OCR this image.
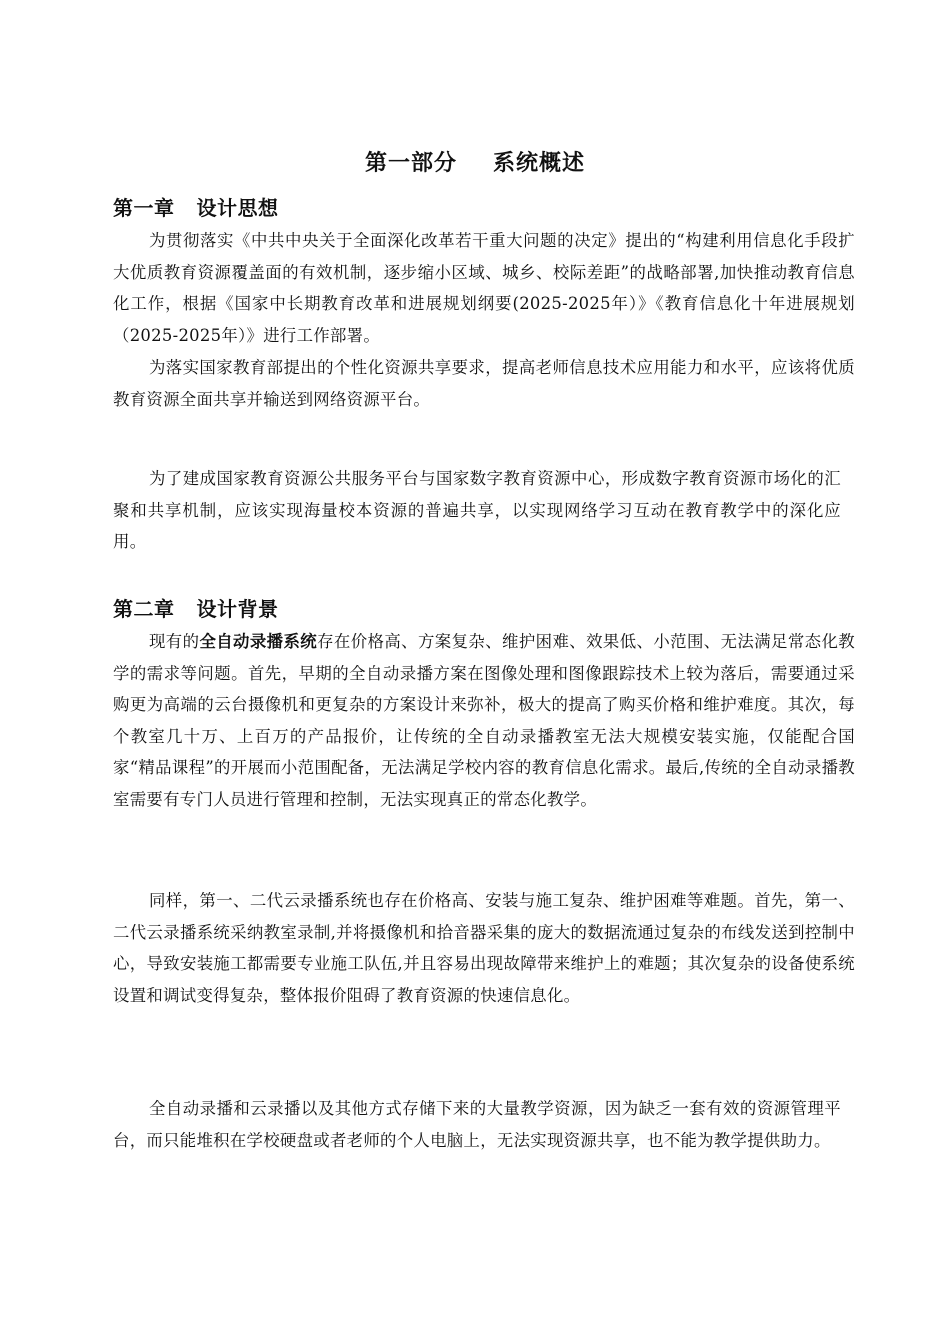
第一部分 系统概述
第一章 设计思想

为贯彻落实《中共中央关于全面深化改革若干重大问题的决定》提出的“构建利用信息化手段扩大优质教育资源覆盖面的有效机制，逐步缩小区域、城乡、校际差距”的战略部署,加快推动教育信息化工作，根据《国家中长期教育改革和进展规划纲要(2025-2025年）》《教育信息化十年进展规划 （2025-2025年）》进行工作部署。

为落实国家教育部提出的个性化资源共享要求，提高老师信息技术应用能力和水平，应该将优质教育资源全面共享并输送到网络资源平台。

为了建成国家教育资源公共服务平台与国家数字教育资源中心，形成数字教育资源市场化的汇聚和共享机制，应该实现海量校本资源的普遍共享，以实现网络学习互动在教育教学中的深化应用。

第二章 设计背景

现有的全自动录播系统存在价格高、方案复杂、维护困难、效果低、小范围、无法满足常态化教学的需求等问题。首先，早期的全自动录播方案在图像处理和图像跟踪技术上较为落后，需要通过采购更为高端的云台摄像机和更复杂的方案设计来弥补，极大的提高了购买价格和维护难度。其次，每个教室几十万、上百万的产品报价，让传统的全自动录播教室无法大规模安装实施，仅能配合国家“精品课程”的开展而小范围配备，无法满足学校内容的教育信息化需求。最后,传统的全自动录播教室需要有专门人员进行管理和控制，无法实现真正的常态化教学。

同样，第一、二代云录播系统也存在价格高、安装与施工复杂、维护困难等难题。首先，第一、二代云录播系统采纳教室录制,并将摄像机和拾音器采集的庞大的数据流通过复杂的布线发送到控制中心，导致安装施工都需要专业施工队伍,并且容易出现故障带来维护上的难题；其次复杂的设备使系统设置和调试变得复杂，整体报价阻碍了教育资源的快速信息化。

全自动录播和云录播以及其他方式存储下来的大量教学资源，因为缺乏一套有效的资源管理平台，而只能堆积在学校硬盘或者老师的个人电脑上，无法实现资源共享，也不能为教学提供助力。
